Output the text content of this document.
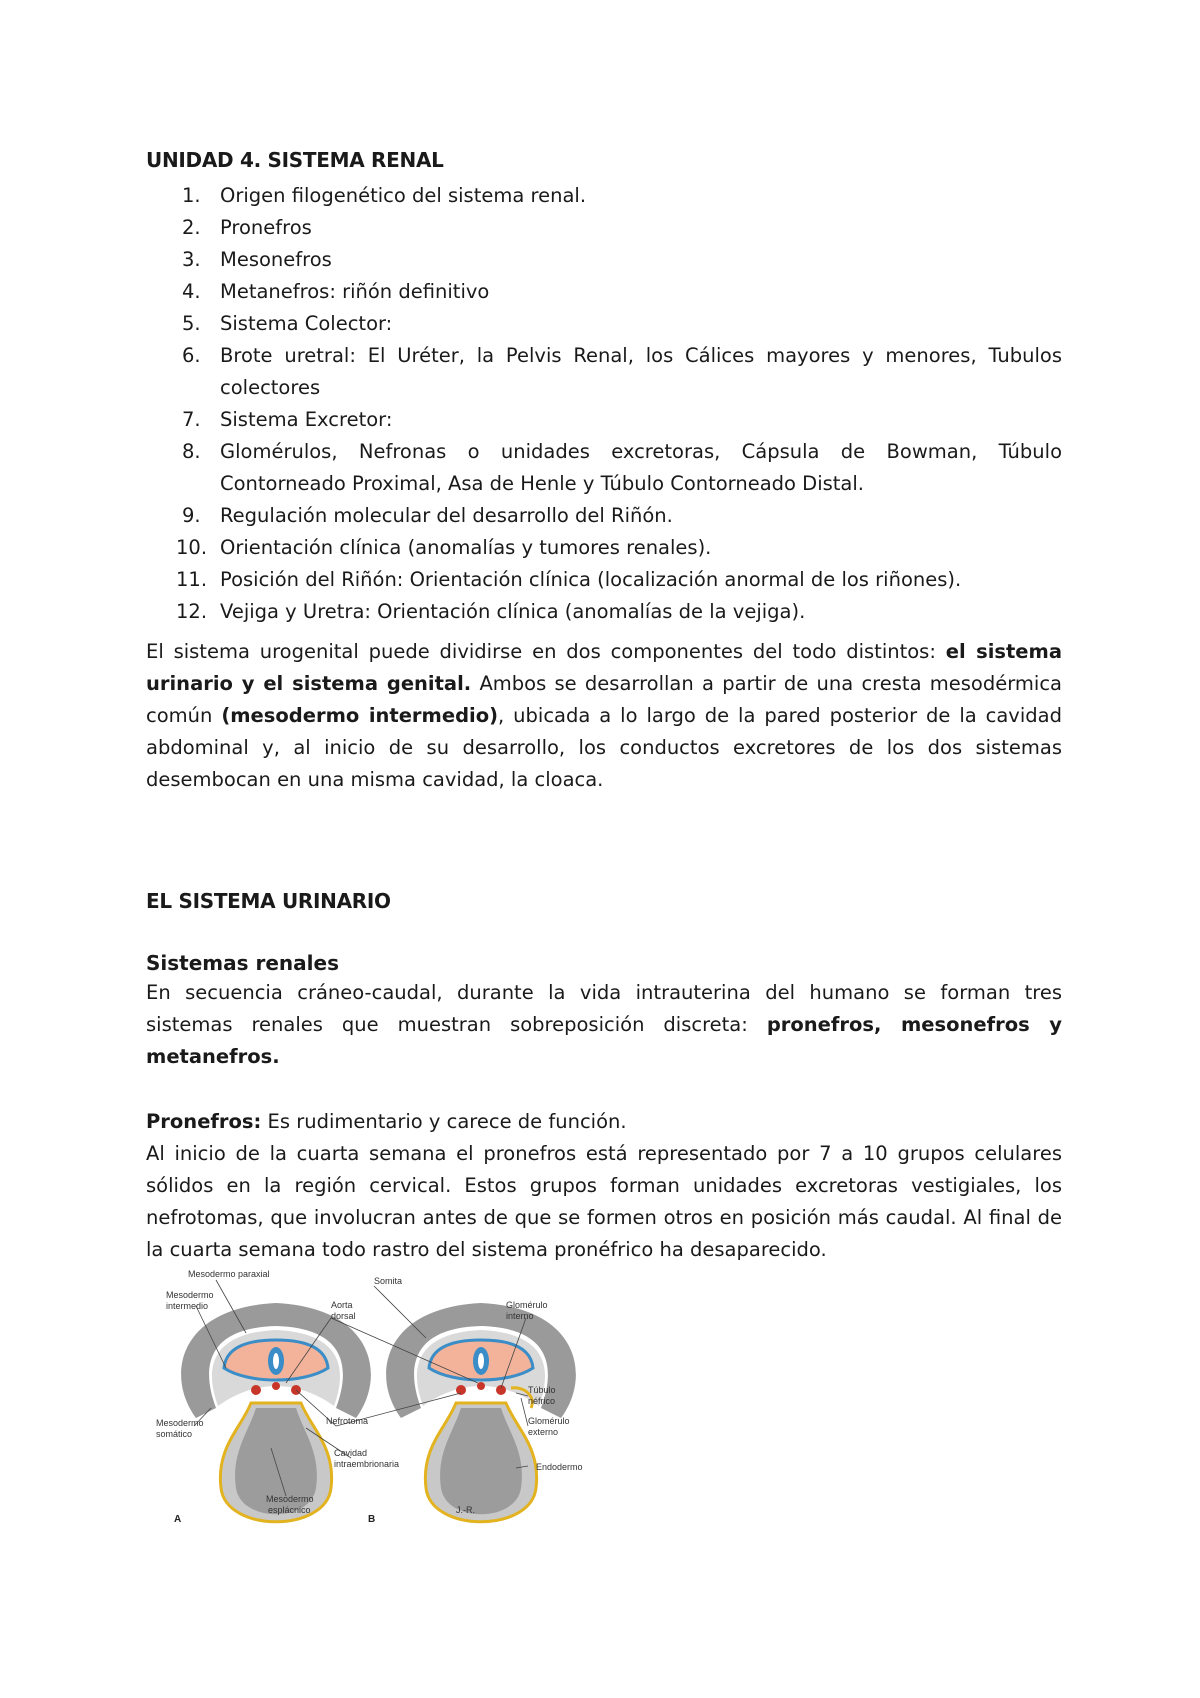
UNIDAD 4. SISTEMA RENAL
1. Origen filogenético del sistema renal.
2. Pronefros
3. Mesonefros
4. Metanefros: riñón definitivo
5. Sistema Colector:
6. Brote uretral: El Uréter, la Pelvis Renal, los Cálices mayores y menores, Tubulos colectores
7. Sistema Excretor:
8. Glomérulos, Nefronas o unidades excretoras, Cápsula de Bowman, Túbulo Contorneado Proximal, Asa de Henle y Túbulo Contorneado Distal.
9. Regulación molecular del desarrollo del Riñón.
10. Orientación clínica (anomalías y tumores renales).
11. Posición del Riñón: Orientación clínica (localización anormal de los riñones).
12. Vejiga y Uretra: Orientación clínica (anomalías de la vejiga).

El sistema urogenital puede dividirse en dos componentes del todo distintos: el sistema urinario y el sistema genital. Ambos se desarrollan a partir de una cresta mesodérmica común (mesodermo intermedio), ubicada a lo largo de la pared posterior de la cavidad abdominal y, al inicio de su desarrollo, los conductos excretores de los dos sistemas desembocan en una misma cavidad, la cloaca.

EL SISTEMA URINARIO
Sistemas renales

En secuencia cráneo-caudal, durante la vida intrauterina del humano se forman tres sistemas renales que muestran sobreposición discreta: pronefros, mesonefros y metanefros.

Pronefros: Es rudimentario y carece de función.

Al inicio de la cuarta semana el pronefros está representado por 7 a 10 grupos celulares sólidos en la región cervical. Estos grupos forman unidades excretoras vestigiales, los nefrotomas, que involucran antes de que se formen otros en posición más caudal. Al final de la cuarta semana todo rastro del sistema pronéfrico ha desaparecido.

Mesodermo paraxial
Mesodermo
intermedio	Aorta
dorsal
Somita
Glomérulo
interno
Túbulo
néfrico
Glomérulo
externo
Mesodermo
somático
Nefrotoma
Cavidad
intraembrionaria	Endodermo
Mesodermo
esplácnico
A	B
J.-R.
